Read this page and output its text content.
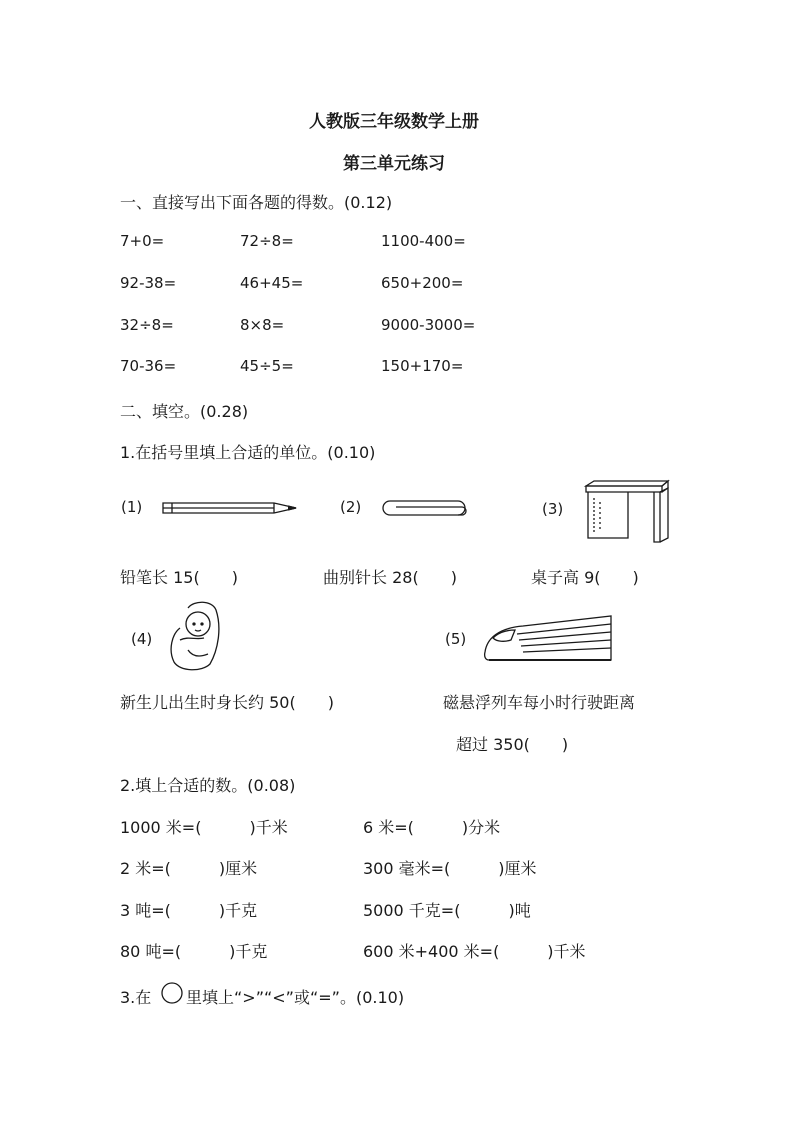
人教版三年级数学上册
第三单元练习
一、直接写出下面各题的得数。(0.12)
7+0=	72÷8=	1100-400=
92-38=	46+45=	650+200=
32÷8=	8×8=	9000-3000=
70-36=	45÷5=	150+170=
二、填空。(0.28)
1.在括号里填上合适的单位。(0.10)
(1)	(2)	(3)
(4)	(5)
铅笔长 15(　　)	曲别针长 28(　　)	桌子高 9(　　)
新生儿出生时身长约 50(　　)	磁悬浮列车每小时行驶距离
超过 350(　　)
2.填上合适的数。(0.08)
1000 米=(　　　)千米	6 米=(　　　)分米
2 米=(　　　)厘米	300 毫米=(　　　)厘米
3 吨=(　　　)千克	5000 千克=(　　　)吨
80 吨=(　　　)千克	600 米+400 米=(　　　)千米
3.在 里填上“>”“<”或“=”。(0.10)
